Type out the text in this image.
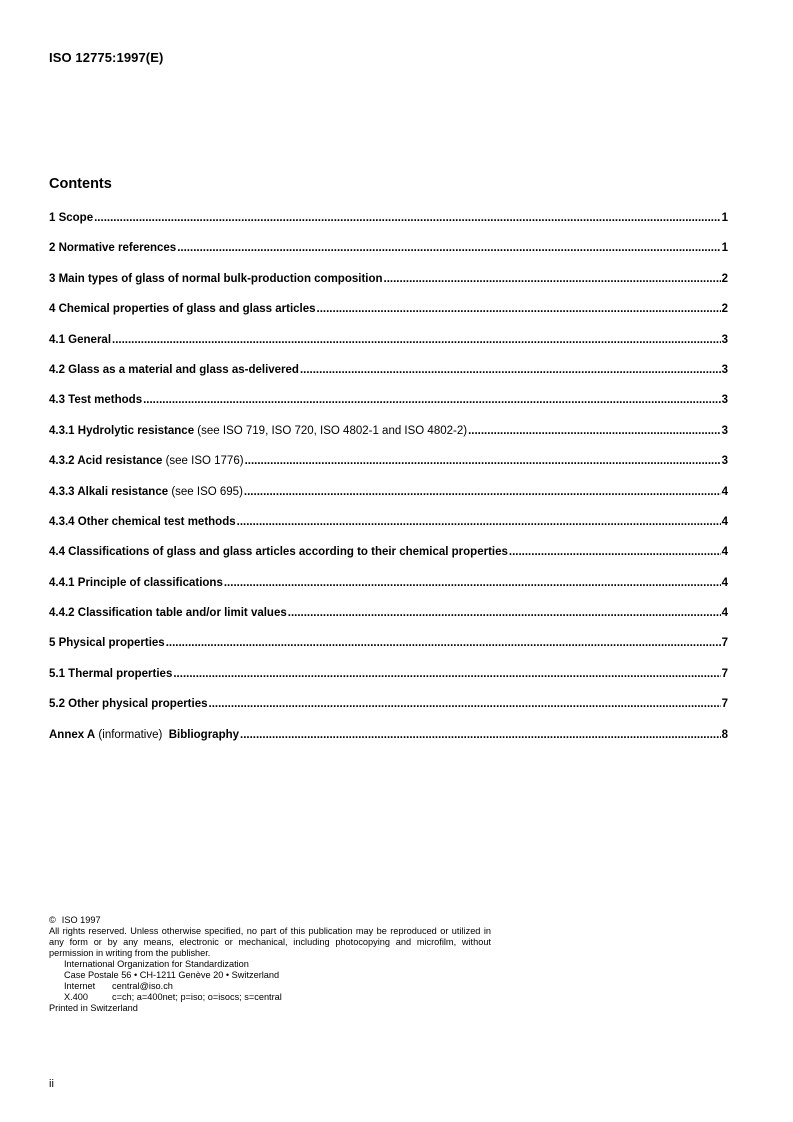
ISO 12775:1997(E)
Contents
1 Scope .....	1
2 Normative references .....	1
3 Main types of glass of normal bulk-production composition .....	2
4 Chemical properties of glass and glass articles .....	2
4.1 General .....	3
4.2 Glass as a material and glass as-delivered .....	3
4.3 Test methods .....	3
4.3.1 Hydrolytic resistance (see ISO 719, ISO 720, ISO 4802-1 and ISO 4802-2) .....	3
4.3.2 Acid resistance (see ISO 1776) .....	3
4.3.3 Alkali resistance (see ISO 695) .....	4
4.3.4 Other chemical test methods .....	4
4.4 Classifications of glass and glass articles according to their chemical properties .....	4
4.4.1 Principle of classifications .....	4
4.4.2 Classification table and/or limit values .....	4
5 Physical properties .....	7
5.1 Thermal properties .....	7
5.2 Other physical properties .....	7
Annex A (informative) Bibliography .....	8
© ISO 1997
All rights reserved. Unless otherwise specified, no part of this publication may be reproduced or utilized in any form or by any means, electronic or mechanical, including photocopying and microfilm, without permission in writing from the publisher.
International Organization for Standardization
Case Postale 56 • CH-1211 Genève 20 • Switzerland
Internet central@iso.ch
X.400	c=ch; a=400net; p=iso; o=isocs; s=central
Printed in Switzerland
ii
